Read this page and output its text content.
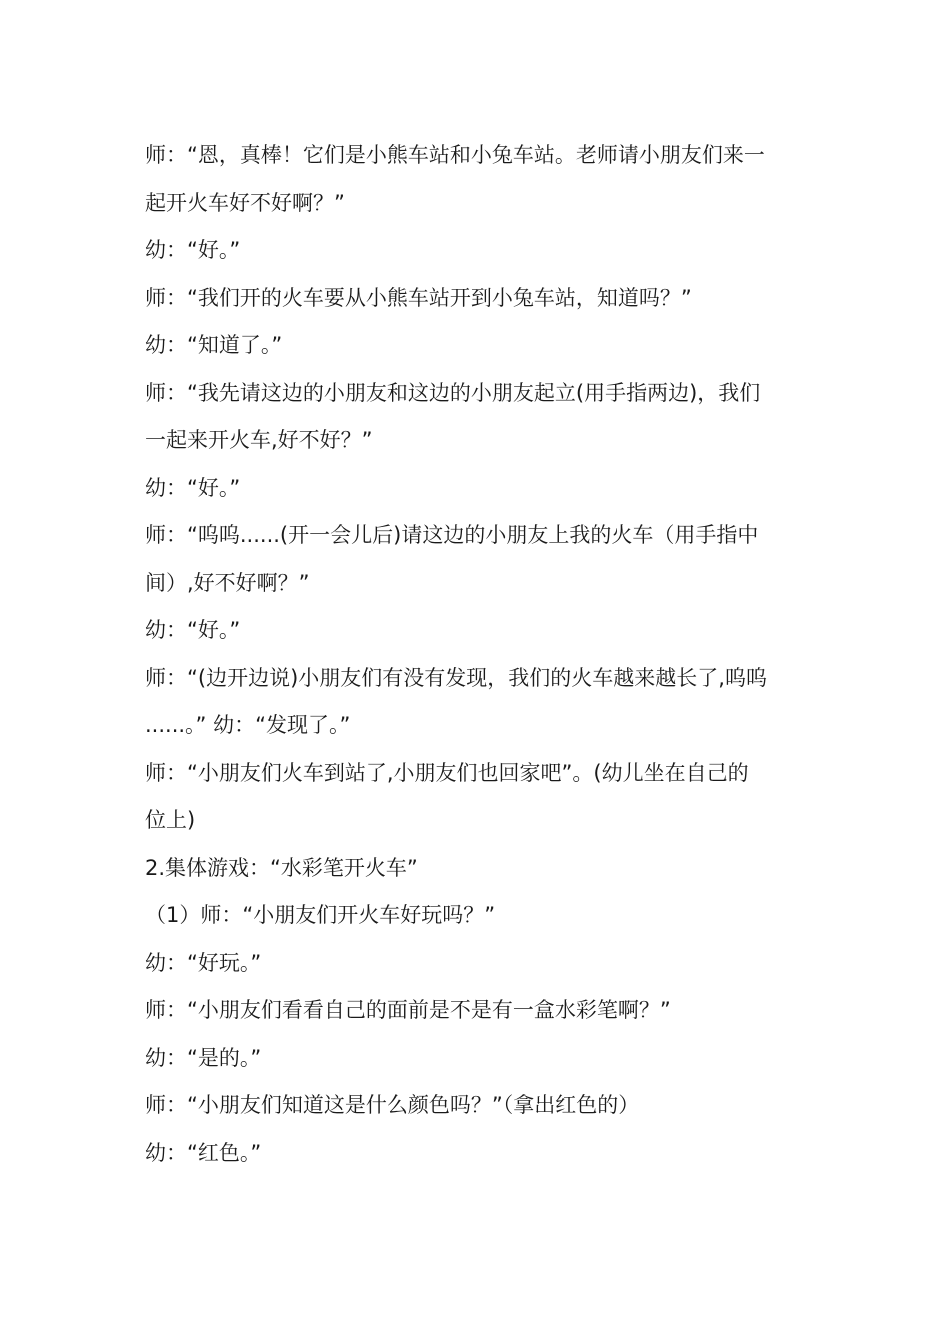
师：“恩，真棒！它们是小熊车站和小兔车站。老师请小朋友们来一
起开火车好不好啊？”
幼：“好。”
师：“我们开的火车要从小熊车站开到小兔车站，知道吗？”
幼：“知道了。”
师：“我先请这边的小朋友和这边的小朋友起立(用手指两边)，我们
一起来开火车,好不好？”
幼：“好。”
师：“呜呜......(开一会儿后)请这边的小朋友上我的火车（用手指中
间）,好不好啊？”
幼：“好。”
师：“(边开边说)小朋友们有没有发现，我们的火车越来越长了,呜呜
......。” 幼：“发现了。”
师：“小朋友们火车到站了,小朋友们也回家吧”。(幼儿坐在自己的
位上)
2.集体游戏：“水彩笔开火车”
（1）师：“小朋友们开火车好玩吗？”
幼：“好玩。”
师：“小朋友们看看自己的面前是不是有一盒水彩笔啊？”
幼：“是的。”
师：“小朋友们知道这是什么颜色吗？”（拿出红色的）
幼：“红色。”
